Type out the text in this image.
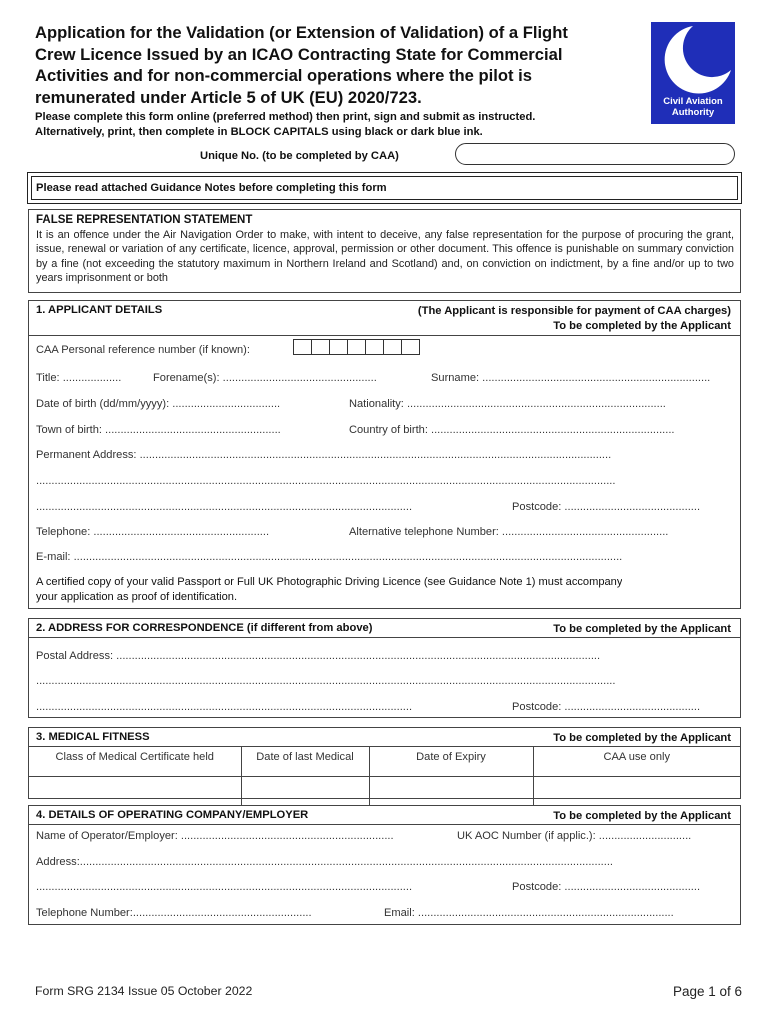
Application for the Validation (or Extension of Validation) of a Flight
Crew Licence Issued by an ICAO Contracting State for Commercial
Activities and for non-commercial operations where the pilot is
remunerated under Article 5 of UK (EU) 2020/723.	Civil Aviation
Authority
Please complete this form online (preferred method) then print, sign and submit as instructed.
Alternatively, print, then complete in BLOCK CAPITALS using black or dark blue ink.
Unique No. (to be completed by CAA)
Please read attached Guidance Notes before completing this form
FALSE REPRESENTATION STATEMENT
It is an offence under the Air Navigation Order to make, with intent to deceive, any false representation for the purpose of procuring the grant, issue, renewal or variation of any certificate, licence, approval, permission or other document. This offence is punishable on summary conviction by a fine (not exceeding the statutory maximum in Northern Ireland and Scotland) and, on conviction on indictment, by a fine and/or up to two years imprisonment or both
1. APPLICANT DETAILS	(The Applicant is responsible for payment of CAA charges)
To be completed by the Applicant
CAA Personal reference number (if known):
Title: ...................	Forename(s): ..................................................	Surname: ..........................................................................
Date of birth (dd/mm/yyyy): ...................................	Nationality: ....................................................................................
Town of birth: .........................................................	Country of birth: ...............................................................................
Permanent Address: .........................................................................................................................................................
............................................................................................................................................................................................
..........................................................................................................................	Postcode: ............................................
Telephone: .........................................................	Alternative telephone Number: ......................................................
E-mail: ..................................................................................................................................................................................
A certified copy of your valid Passport or Full UK Photographic Driving Licence (see Guidance Note 1) must accompany
your application as proof of identification.
2. ADDRESS FOR CORRESPONDENCE (if different from above)	To be completed by the Applicant
Postal Address: .............................................................................................................................................................
............................................................................................................................................................................................
..........................................................................................................................	Postcode: ............................................
3. MEDICAL FITNESS	To be completed by the Applicant
Class of Medical Certificate held	Date of last Medical	Date of Expiry	CAA use only

4. DETAILS OF OPERATING COMPANY/EMPLOYER	To be completed by the Applicant
Name of Operator/Employer: .....................................................................	UK AOC Number (if applic.): ..............................
Address:.............................................................................................................................................................................
..........................................................................................................................	Postcode: ............................................
Telephone Number:..........................................................	Email: ...................................................................................
Form SRG 2134 Issue 05 October 2022	Page 1 of 6
